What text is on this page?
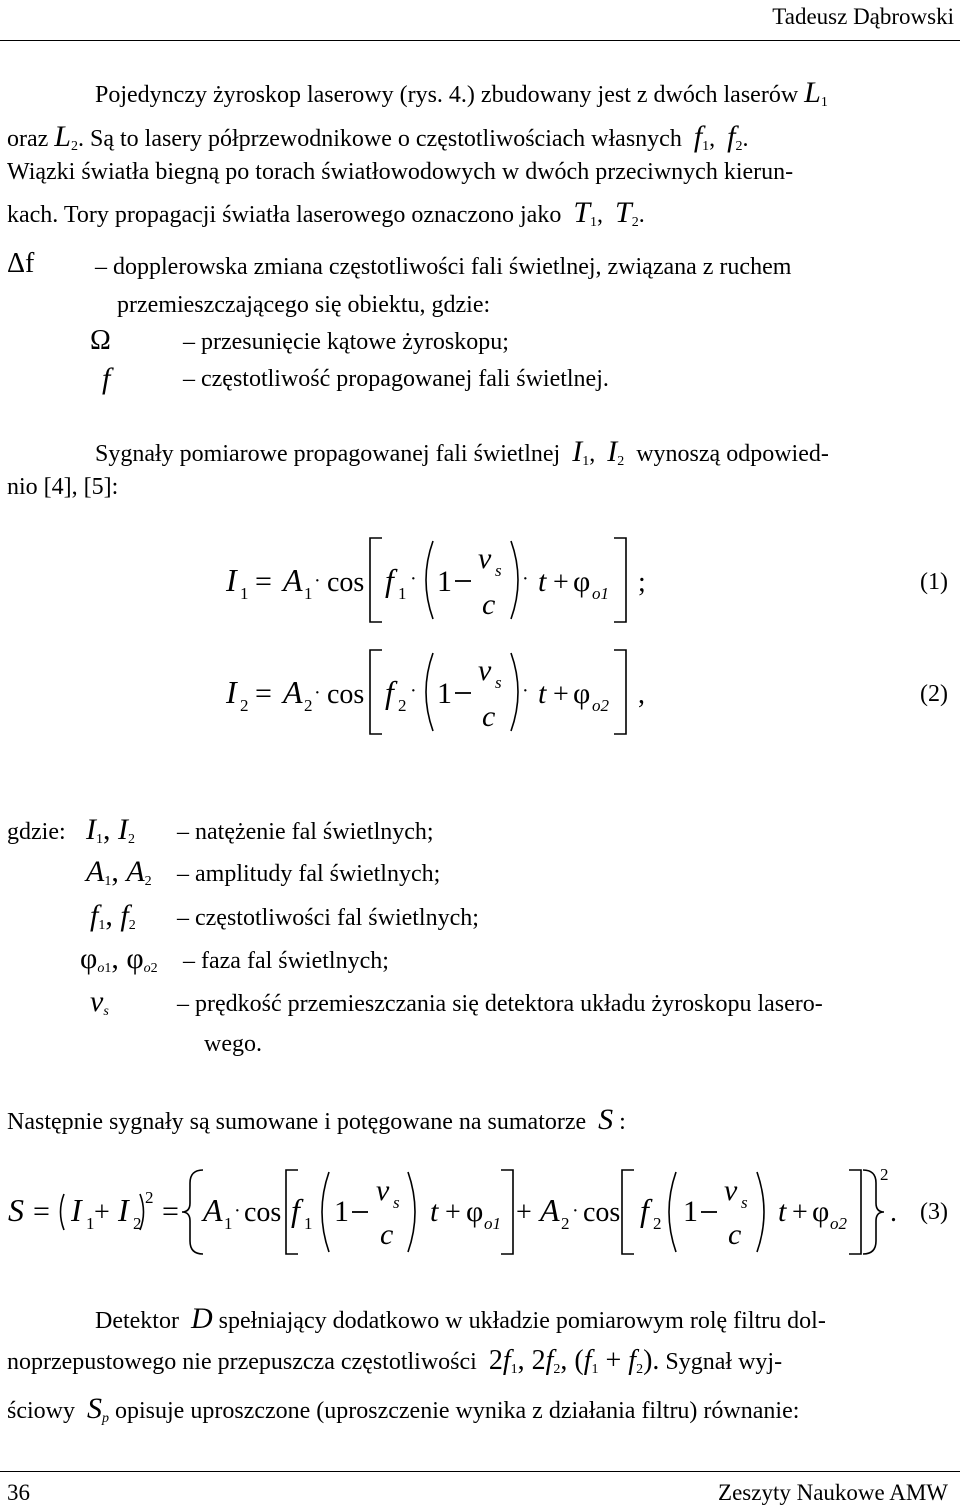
Tadeusz Dąbrowski
Pojedynczy żyroskop laserowy (rys. 4.) zbudowany jest z dwóch laserów $L_1$
oraz $L_2$. Są to lasery półprzewodnikowe o częstotliwościach własnych $f_1$,  $f_2$.
Wiązki światła biegną po torach światłowodowych w dwóch przeciwnych kierun-
kach. Tory propagacji światła laserowego oznaczono jako $T_1$,  $T_2$.
Δf	– dopplerowska zmiana częstotliwości fali świetlnej, związana z ruchem
przemieszczającego się obiektu, gdzie:
Ω	– przesunięcie kątowe żyroskopu;
f	– częstotliwość propagowanej fali świetlnej.
Sygnały pomiarowe propagowanej fali świetlnej $I_1$,  $I_2$ wynoszą odpowied-
nio [4], [5]:
I 1 = A 1
· cos f 1
· 1
v s
c
· t + φ o1 ;	(1)
I 2 = A 2
· cos f 2
· 1
v s
c
· t + φ o2 ,	(2)
gdzie: $I_1$, $I_2$ – natężenie fal świetlnych;
$A_1$, $A_2$ – amplitudy fal świetlnych;
$f_1$, $f_2$ – częstotliwości fal świetlnych;
$\varphi_{o1}$, $\varphi_{o2}$ – faza fal świetlnych;
$v_s$	– prędkość przemieszczania się detektora układu żyroskopu lasero-
wego.
Następnie sygnały są sumowane i potęgowane na sumatorze S :
S = I 1 + I 2
2 = A 1
· cos f 1 1
v s
c
t + φ o1 + A 2
· cos f 2 1
v s
c
t + φ o2
2
. (3)
Detektor D spełniający dodatkowo w układzie pomiarowym rolę filtru dol-
noprzepustowego nie przepuszcza częstotliwości $2f_1$, $2f_2$, $(f_1 + f_2)$. Sygnał wyj-
ściowy $S_p$ opisuje uproszczone (uproszczenie wynika z działania filtru) równanie:
36	Zeszyty Naukowe AMW
